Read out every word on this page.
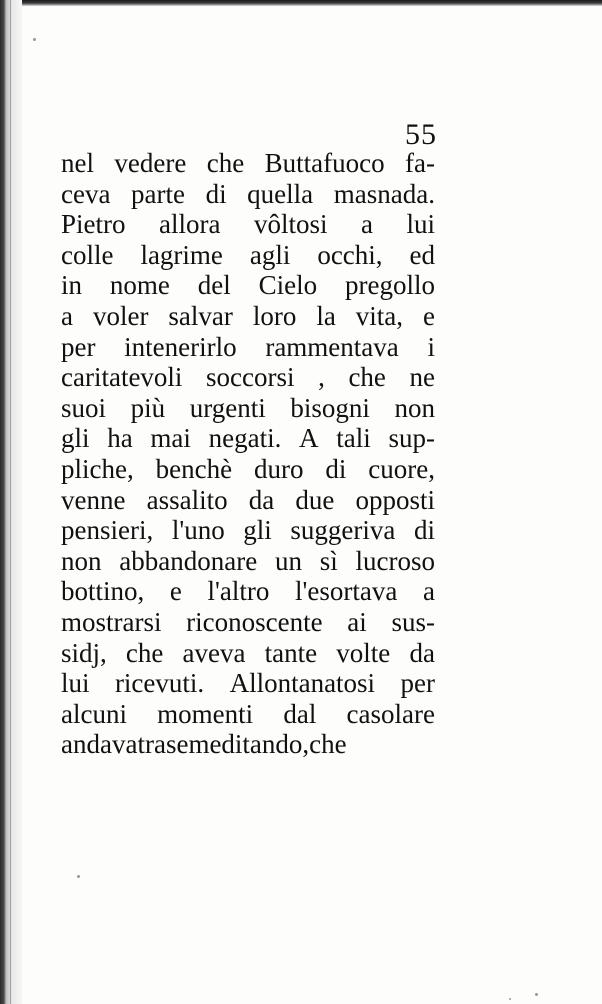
55
nel vedere che Buttafuoco fa-
ceva parte di quella masnada.
Pietro allora vôltosi a lui
colle lagrime agli occhi, ed
in nome del Cielo pregollo
a voler salvar loro la vita, e
per intenerirlo rammentava i
caritatevoli soccorsi , che ne
suoi più urgenti bisogni non
gli ha mai negati. A tali sup-
pliche, benchè duro di cuore,
venne assalito da due opposti
pensieri, l'uno gli suggeriva di
non abbandonare un sì lucroso
bottino, e l'altro l'esortava a
mostrarsi riconoscente ai sus-
sidj, che aveva tante volte da
lui ricevuti. Allontanatosi per
alcuni momenti dal casolare
andava tra se meditando, che
